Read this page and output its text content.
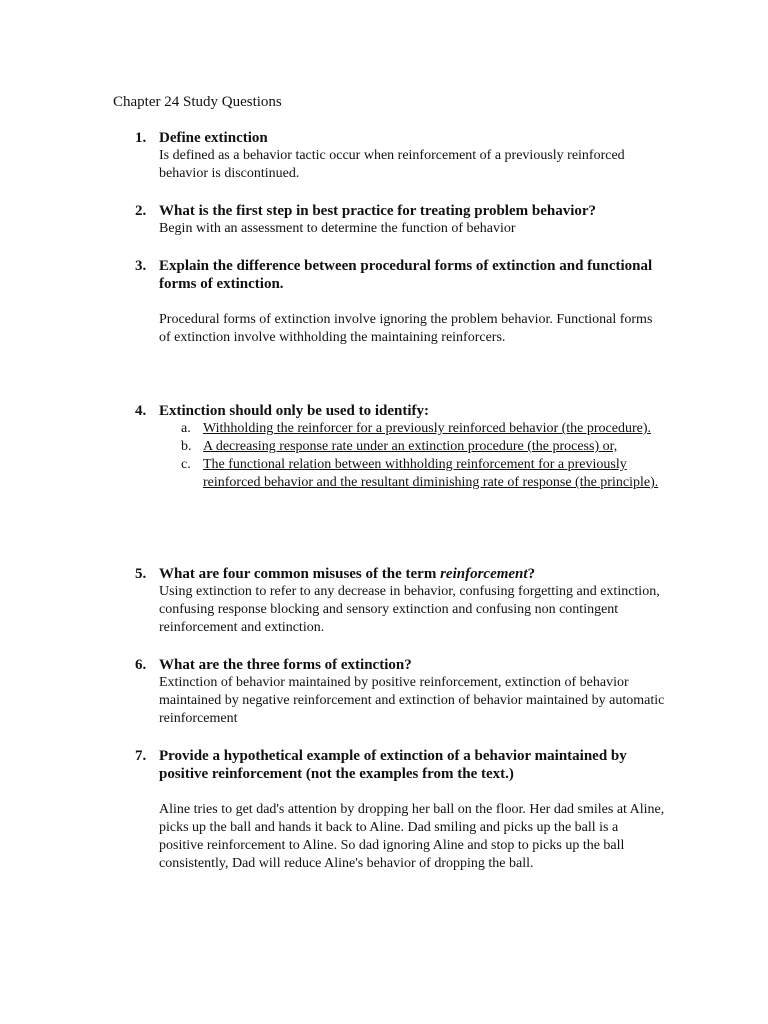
Chapter 24 Study Questions
1. Define extinction
Is defined as a behavior tactic occur when reinforcement of a previously reinforced behavior is discontinued.
2. What is the first step in best practice for treating problem behavior?
Begin with an assessment to determine the function of behavior
3. Explain the difference between procedural forms of extinction and functional forms of extinction.
Procedural forms of extinction involve ignoring the problem behavior. Functional forms of extinction involve withholding the maintaining reinforcers.
4. Extinction should only be used to identify:
a. Withholding the reinforcer for a previously reinforced behavior (the procedure).
b. A decreasing response rate under an extinction procedure (the process) or,
c. The functional relation between withholding reinforcement for a previously reinforced behavior and the resultant diminishing rate of response (the principle).
5. What are four common misuses of the term reinforcement?
Using extinction to refer to any decrease in behavior, confusing forgetting and extinction, confusing response blocking and sensory extinction and confusing non contingent reinforcement and extinction.
6. What are the three forms of extinction?
Extinction of behavior maintained by positive reinforcement, extinction of behavior maintained by negative reinforcement and extinction of behavior maintained by automatic reinforcement
7. Provide a hypothetical example of extinction of a behavior maintained by positive reinforcement (not the examples from the text.)
Aline tries to get dad's attention by dropping her ball on the floor. Her dad smiles at Aline, picks up the ball and hands it back to Aline. Dad smiling and picks up the ball is a positive reinforcement to Aline. So dad ignoring Aline and stop to picks up the ball consistently, Dad will reduce Aline's behavior of dropping the ball.
